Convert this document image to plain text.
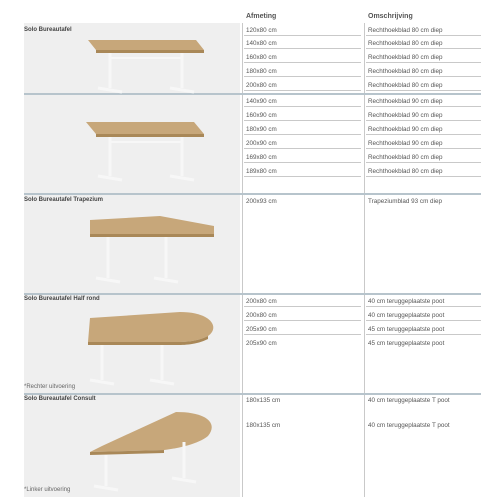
Afmeting	Omschrijving
Solo Bureautafel
Solo Bureautafel Trapezium
Solo Bureautafel Half rond
Solo Bureautafel Consult
*Rechter uitvoering
*Linker uitvoering
120x80 cm	Rechthoekblad 80 cm diep
140x80 cm	Rechthoekblad 80 cm diep
160x80 cm	Rechthoekblad 80 cm diep
180x80 cm	Rechthoekblad 80 cm diep
200x80 cm	Rechthoekblad 80 cm diep
140x90 cm	Rechthoekblad 90 cm diep
160x90 cm	Rechthoekblad 90 cm diep
180x90 cm	Rechthoekblad 90 cm diep
200x90 cm	Rechthoekblad 90 cm diep
169x80 cm	Rechthoekblad 80 cm diep
189x80 cm	Rechthoekblad 80 cm diep
200x93 cm	Trapeziumblad 93 cm diep
200x80 cm	40 cm teruggeplaatste poot
200x80 cm	40 cm teruggeplaatste poot
205x90 cm	45 cm teruggeplaatste poot
205x90 cm	45 cm teruggeplaatste poot
180x135 cm	40 cm teruggeplaatste T poot
180x135 cm	40 cm teruggeplaatste T poot
